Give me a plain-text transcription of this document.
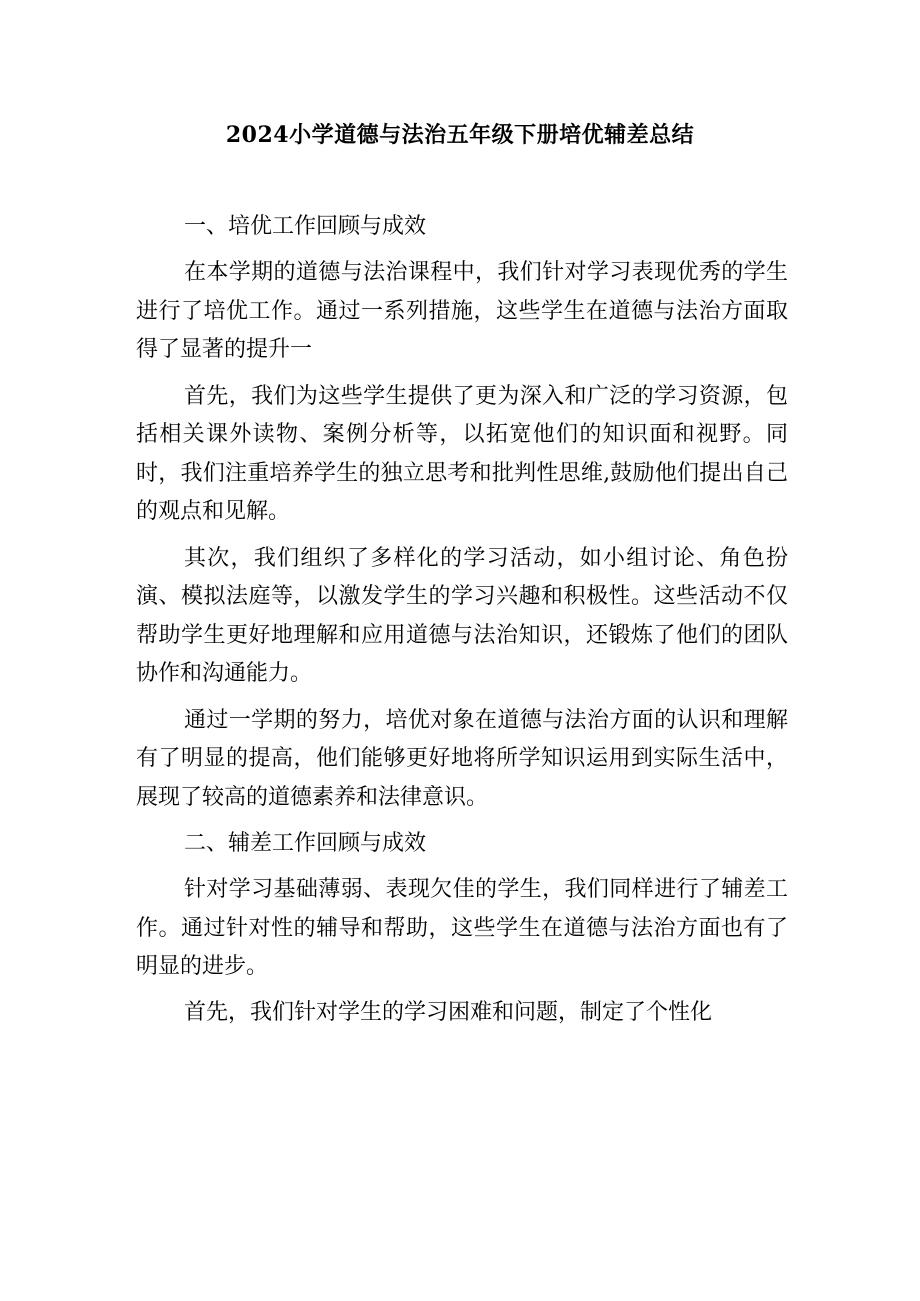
2024小学道德与法治五年级下册培优辅差总结

一、培优工作回顾与成效

在本学期的道德与法治课程中，我们针对学习表现优秀的学生进行了培优工作。通过一系列措施，这些学生在道德与法治方面取得了显著的提升一

首先，我们为这些学生提供了更为深入和广泛的学习资源，包括相关课外读物、案例分析等，以拓宽他们的知识面和视野。同时，我们注重培养学生的独立思考和批判性思维,鼓励他们提出自己的观点和见解。

其次，我们组织了多样化的学习活动，如小组讨论、角色扮演、模拟法庭等，以激发学生的学习兴趣和积极性。这些活动不仅帮助学生更好地理解和应用道德与法治知识，还锻炼了他们的团队协作和沟通能力。

通过一学期的努力，培优对象在道德与法治方面的认识和理解有了明显的提高，他们能够更好地将所学知识运用到实际生活中，展现了较高的道德素养和法律意识。

二、辅差工作回顾与成效

针对学习基础薄弱、表现欠佳的学生，我们同样进行了辅差工作。通过针对性的辅导和帮助，这些学生在道德与法治方面也有了明显的进步。

首先，我们针对学生的学习困难和问题，制定了个性化
